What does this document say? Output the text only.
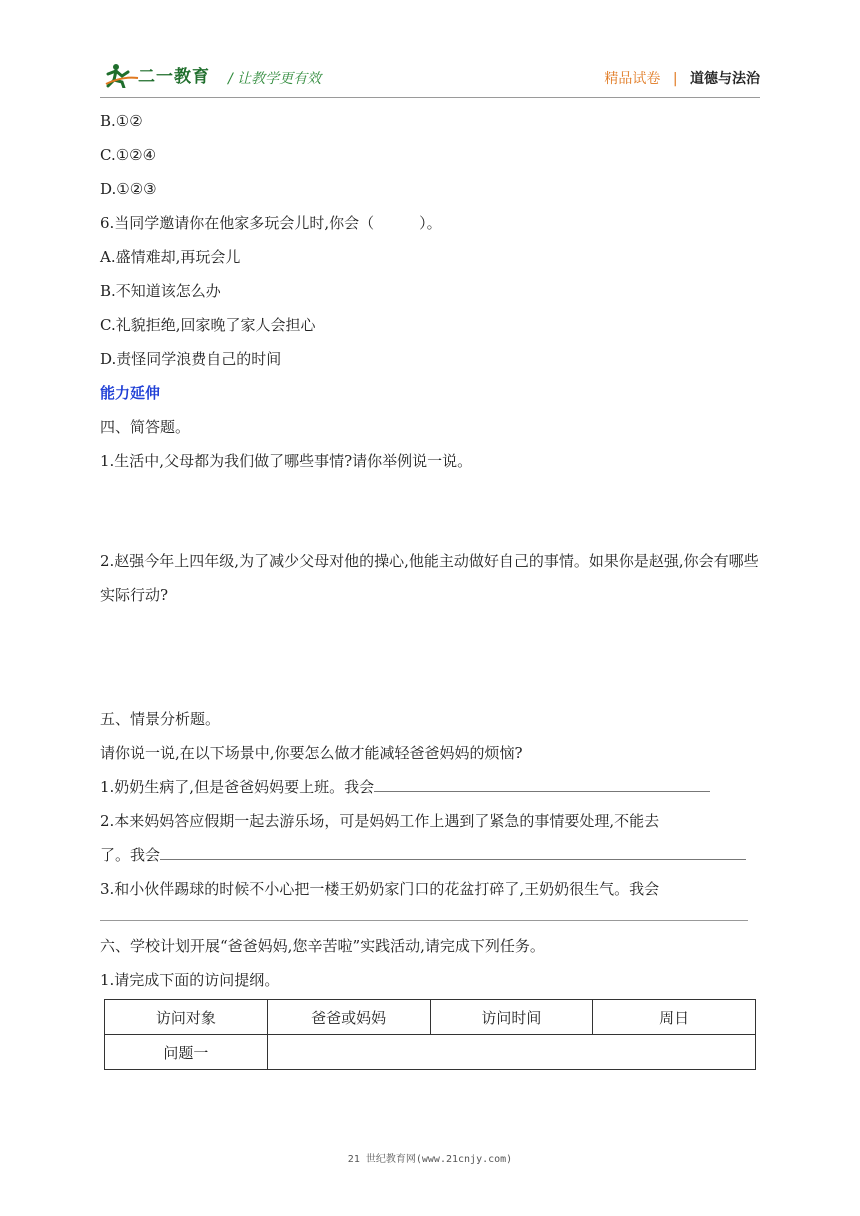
二一教育 / 让教学更有效	精品试卷 | 道德与法治
B.①②
C.①②④
D.①②③
6.当同学邀请你在他家多玩会儿时,你会（　　　）。
A.盛情难却,再玩会儿
B.不知道该怎么办
C.礼貌拒绝,回家晚了家人会担心
D.责怪同学浪费自己的时间
能力延伸
四、简答题。
1.生活中,父母都为我们做了哪些事情?请你举例说一说。
2.赵强今年上四年级,为了减少父母对他的操心,他能主动做好自己的事情。如果你是赵强,你会有哪些实际行动?
五、情景分析题。
请你说一说,在以下场景中,你要怎么做才能减轻爸爸妈妈的烦恼?
1.奶奶生病了,但是爸爸妈妈要上班。我会
2.本来妈妈答应假期一起去游乐场，可是妈妈工作上遇到了紧急的事情要处理,不能去
了。我会
3.和小伙伴踢球的时候不小心把一楼王奶奶家门口的花盆打碎了,王奶奶很生气。我会
六、学校计划开展“爸爸妈妈,您辛苦啦”实践活动,请完成下列任务。
1.请完成下面的访问提纲。
访问对象	爸爸或妈妈	访问时间	周日
问题一			
21 世纪教育网(www.21cnjy.com)
